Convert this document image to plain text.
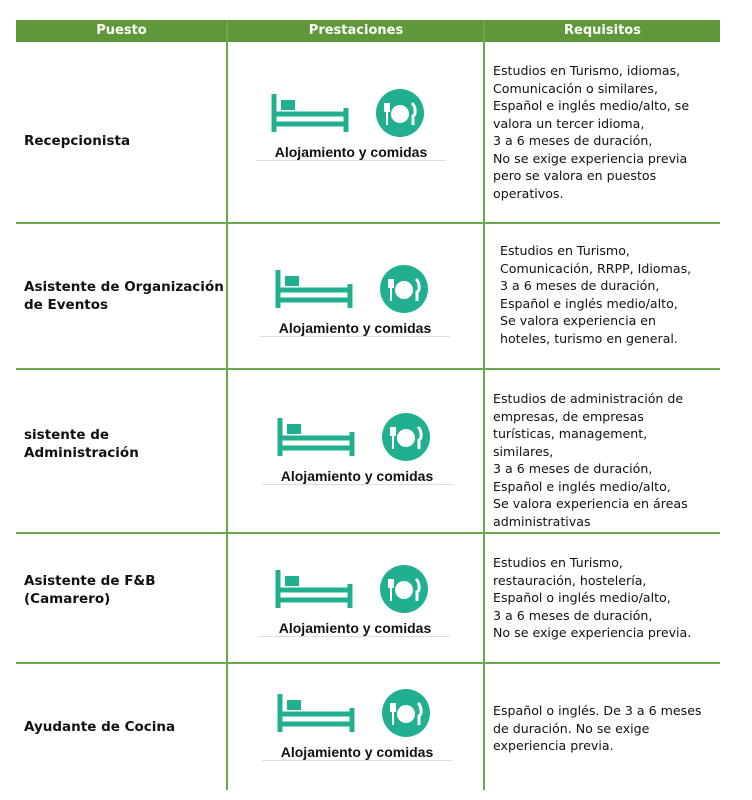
Puesto	Prestaciones	Requisitos
Recepcionista
Alojamiento y comidas
Estudios en Turismo, idiomas,
Comunicación o similares,
Español e inglés medio/alto, se
valora un tercer idioma,
3 a 6 meses de duración,
No se exige experiencia previa
pero se valora en puestos
operativos.
Asistente de Organización de Eventos
Alojamiento y comidas
Estudios en Turismo,
Comunicación, RRPP, Idiomas,
3 a 6 meses de duración,
Español e inglés medio/alto,
Se valora experiencia en
hoteles, turismo en general.
sistente de Administración
Alojamiento y comidas
Estudios de administración de
empresas, de empresas
turísticas, management,
similares,
3 a 6 meses de duración,
Español e inglés medio/alto,
Se valora experiencia en áreas
administrativas
Asistente de F&B (Camarero)
Alojamiento y comidas
Estudios en Turismo,
restauración, hostelería,
Español o inglés medio/alto,
3 a 6 meses de duración,
No se exige experiencia previa.
Ayudante de Cocina
Alojamiento y comidas
Español o inglés. De 3 a 6 meses
de duración. No se exige
experiencia previa.
